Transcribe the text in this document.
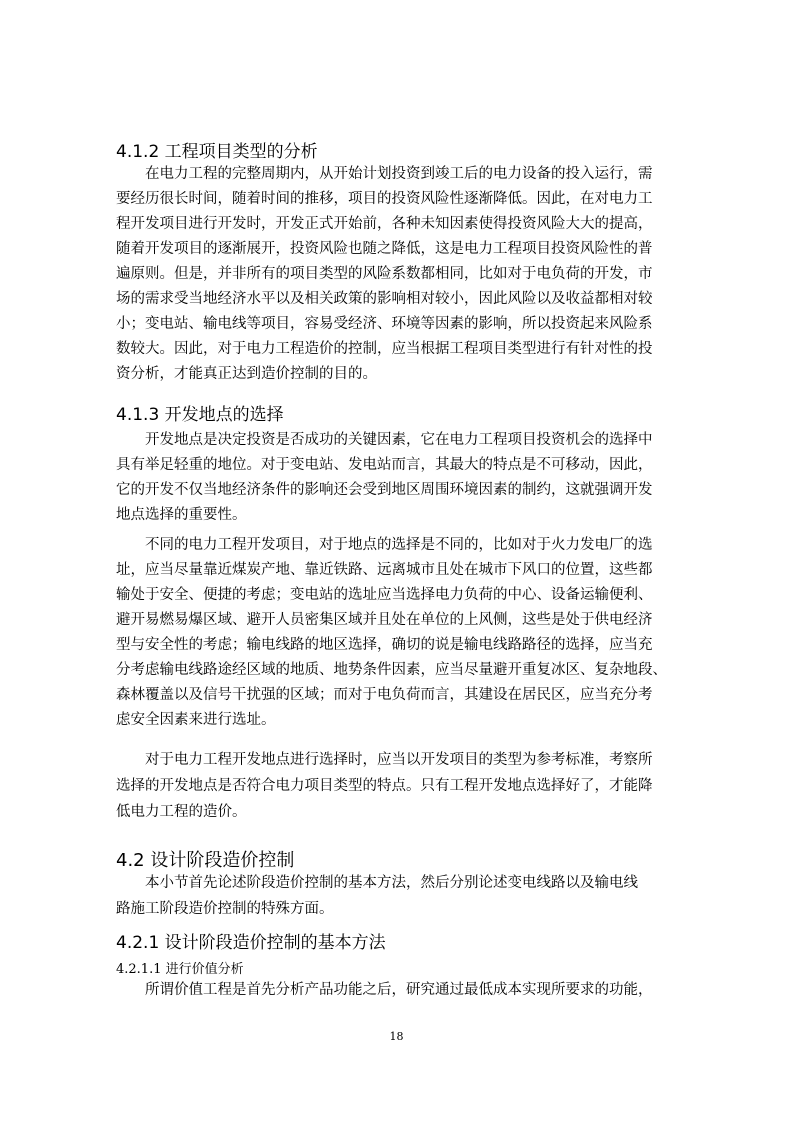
4.1.2 工程项目类型的分析
在电力工程的完整周期内，从开始计划投资到竣工后的电力设备的投入运行，需
要经历很长时间，随着时间的推移，项目的投资风险性逐渐降低。因此，在对电力工
程开发项目进行开发时，开发正式开始前，各种未知因素使得投资风险大大的提高，
随着开发项目的逐渐展开，投资风险也随之降低，这是电力工程项目投资风险性的普
遍原则。但是，并非所有的项目类型的风险系数都相同，比如对于电负荷的开发，市
场的需求受当地经济水平以及相关政策的影响相对较小，因此风险以及收益都相对较
小；变电站、输电线等项目，容易受经济、环境等因素的影响，所以投资起来风险系
数较大。因此，对于电力工程造价的控制，应当根据工程项目类型进行有针对性的投
资分析，才能真正达到造价控制的目的。
4.1.3 开发地点的选择
开发地点是决定投资是否成功的关键因素，它在电力工程项目投资机会的选择中
具有举足轻重的地位。对于变电站、发电站而言，其最大的特点是不可移动，因此，
它的开发不仅当地经济条件的影响还会受到地区周围环境因素的制约，这就强调开发
地点选择的重要性。
不同的电力工程开发项目，对于地点的选择是不同的，比如对于火力发电厂的选
址，应当尽量靠近煤炭产地、靠近铁路、远离城市且处在城市下风口的位置，这些都
输处于安全、便捷的考虑；变电站的选址应当选择电力负荷的中心、设备运输便利、
避开易燃易爆区域、避开人员密集区域并且处在单位的上风侧，这些是处于供电经济
型与安全性的考虑；输电线路的地区选择，确切的说是输电线路路径的选择，应当充
分考虑输电线路途经区域的地质、地势条件因素，应当尽量避开重复冰区、复杂地段、
森林覆盖以及信号干扰强的区域；而对于电负荷而言，其建设在居民区，应当充分考
虑安全因素来进行选址。
对于电力工程开发地点进行选择时，应当以开发项目的类型为参考标准，考察所
选择的开发地点是否符合电力项目类型的特点。只有工程开发地点选择好了，才能降
低电力工程的造价。
4.2 设计阶段造价控制
本小节首先论述阶段造价控制的基本方法，然后分别论述变电线路以及输电线
路施工阶段造价控制的特殊方面。
4.2.1 设计阶段造价控制的基本方法
4.2.1.1 进行价值分析
所谓价值工程是首先分析产品功能之后，研究通过最低成本实现所要求的功能，
18
